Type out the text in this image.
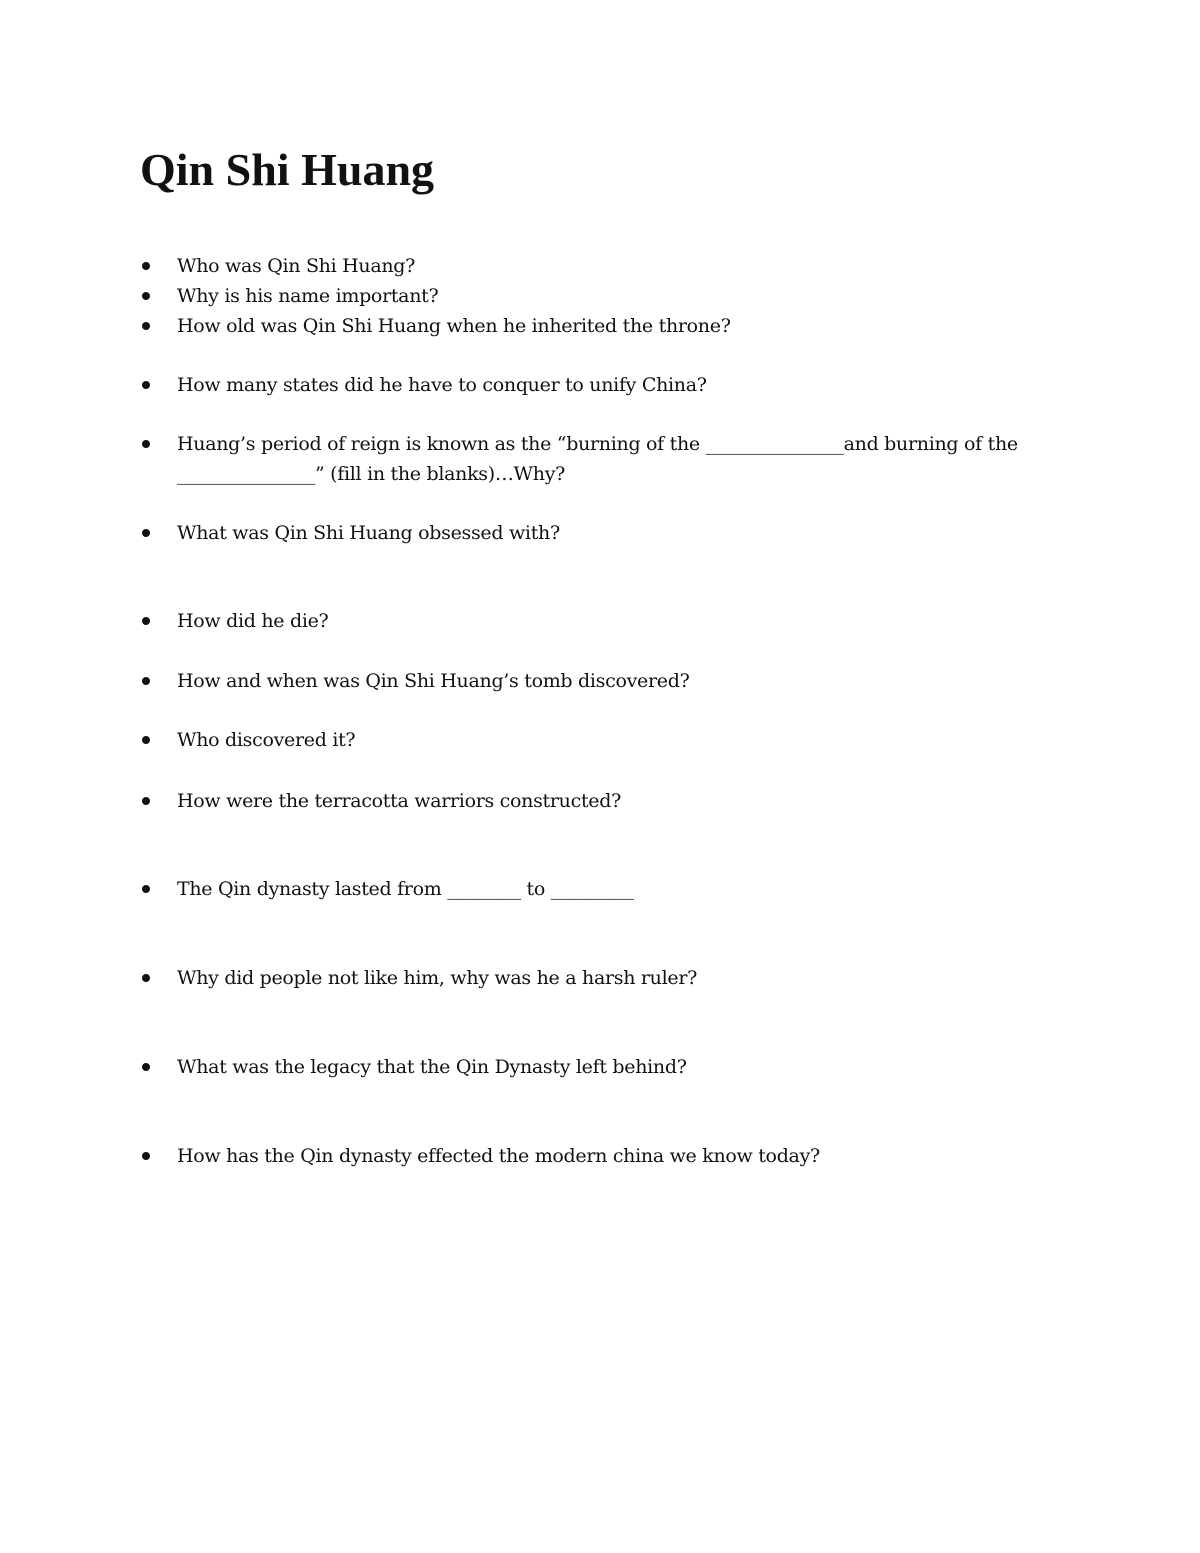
Qin Shi Huang
Who was Qin Shi Huang?
Why is his name important?
How old was Qin Shi Huang when he inherited the throne?
How many states did he have to conquer to unify China?
Huang’s period of reign is known as the “burning of the _______________and burning of the _______________” (fill in the blanks)…Why?
What was Qin Shi Huang obsessed with?
How did he die?
How and when was Qin Shi Huang’s tomb discovered?
Who discovered it?
How were the terracotta warriors constructed?
The Qin dynasty lasted from ________ to _________
Why did people not like him, why was he a harsh ruler?
What was the legacy that the Qin Dynasty left behind?
How has the Qin dynasty effected the modern china we know today?
